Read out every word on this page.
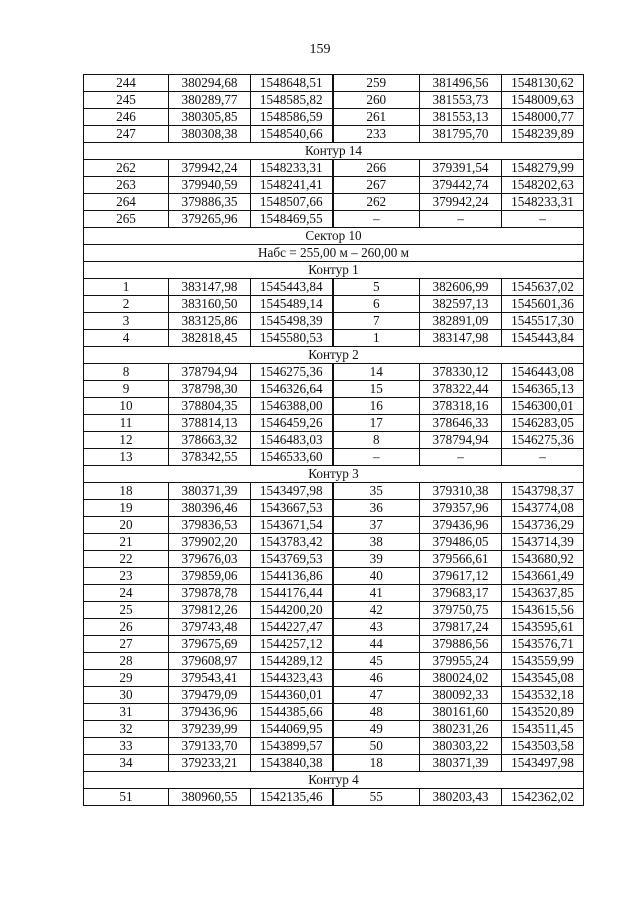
159
244	380294,68	1548648,51	259	381496,56	1548130,62
245	380289,77	1548585,82	260	381553,73	1548009,63
246	380305,85	1548586,59	261	381553,13	1548000,77
247	380308,38	1548540,66	233	381795,70	1548239,89
Контур 14					
262	379942,24	1548233,31	266	379391,54	1548279,99
263	379940,59	1548241,41	267	379442,74	1548202,63
264	379886,35	1548507,66	262	379942,24	1548233,31
265	379265,96	1548469,55	–	–	–
Сектор 10					
Набс = 255,00 м – 260,00 м					
Контур 1					
1	383147,98	1545443,84	5	382606,99	1545637,02
2	383160,50	1545489,14	6	382597,13	1545601,36
3	383125,86	1545498,39	7	382891,09	1545517,30
4	382818,45	1545580,53	1	383147,98	1545443,84
Контур 2					
8	378794,94	1546275,36	14	378330,12	1546443,08
9	378798,30	1546326,64	15	378322,44	1546365,13
10	378804,35	1546388,00	16	378318,16	1546300,01
11	378814,13	1546459,26	17	378646,33	1546283,05
12	378663,32	1546483,03	8	378794,94	1546275,36
13	378342,55	1546533,60	–	–	–
Контур 3					
18	380371,39	1543497,98	35	379310,38	1543798,37
19	380396,46	1543667,53	36	379357,96	1543774,08
20	379836,53	1543671,54	37	379436,96	1543736,29
21	379902,20	1543783,42	38	379486,05	1543714,39
22	379676,03	1543769,53	39	379566,61	1543680,92
23	379859,06	1544136,86	40	379617,12	1543661,49
24	379878,78	1544176,44	41	379683,17	1543637,85
25	379812,26	1544200,20	42	379750,75	1543615,56
26	379743,48	1544227,47	43	379817,24	1543595,61
27	379675,69	1544257,12	44	379886,56	1543576,71
28	379608,97	1544289,12	45	379955,24	1543559,99
29	379543,41	1544323,43	46	380024,02	1543545,08
30	379479,09	1544360,01	47	380092,33	1543532,18
31	379436,96	1544385,66	48	380161,60	1543520,89
32	379239,99	1544069,95	49	380231,26	1543511,45
33	379133,70	1543899,57	50	380303,22	1543503,58
34	379233,21	1543840,38	18	380371,39	1543497,98
Контур 4					
51	380960,55	1542135,46	55	380203,43	1542362,02
